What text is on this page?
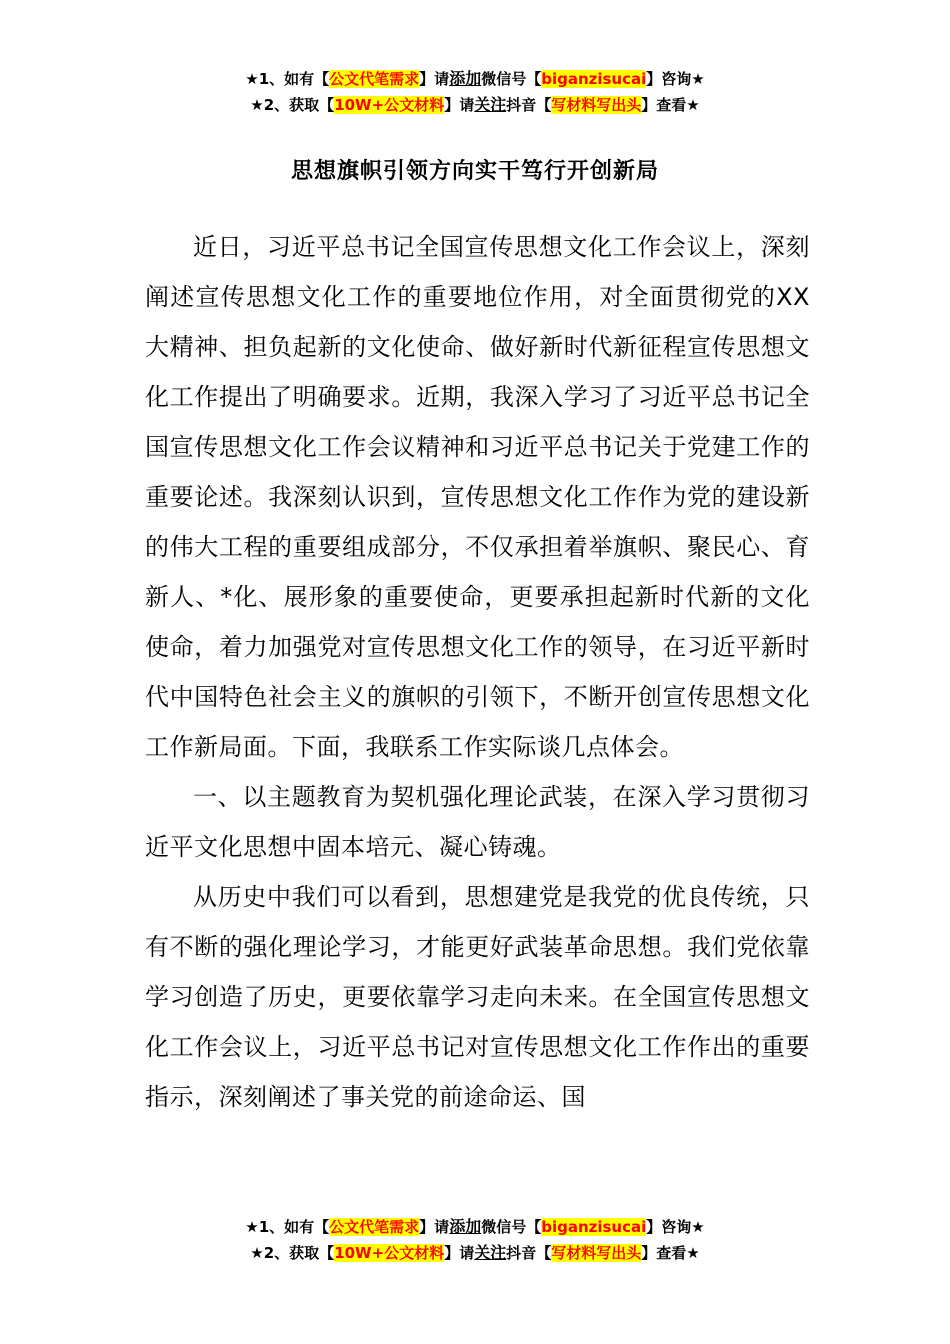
★1、如有【公文代笔需求】请添加微信号【biganzisucai】咨询★
★2、获取【10W+公文材料】请关注抖音【写材料写出头】查看★
思想旗帜引领方向实干笃行开创新局

近日，习近平总书记全国宣传思想文化工作会议上，深刻阐述宣传思想文化工作的重要地位作用，对全面贯彻党的XX大精神、担负起新的文化使命、做好新时代新征程宣传思想文化工作提出了明确要求。近期，我深入学习了习近平总书记全国宣传思想文化工作会议精神和习近平总书记关于党建工作的重要论述。我深刻认识到，宣传思想文化工作作为党的建设新的伟大工程的重要组成部分，不仅承担着举旗帜、聚民心、育新人、*化、展形象的重要使命，更要承担起新时代新的文化使命，着力加强党对宣传思想文化工作的领导，在习近平新时代中国特色社会主义的旗帜的引领下，不断开创宣传思想文化工作新局面。下面，我联系工作实际谈几点体会。

一、以主题教育为契机强化理论武装，在深入学习贯彻习近平文化思想中固本培元、凝心铸魂。

从历史中我们可以看到，思想建党是我党的优良传统，只有不断的强化理论学习，才能更好武装革命思想。我们党依靠学习创造了历史，更要依靠学习走向未来。在全国宣传思想文化工作会议上，习近平总书记对宣传思想文化工作作出的重要指示，深刻阐述了事关党的前途命运、国

★1、如有【公文代笔需求】请添加微信号【biganzisucai】咨询★
★2、获取【10W+公文材料】请关注抖音【写材料写出头】查看★
